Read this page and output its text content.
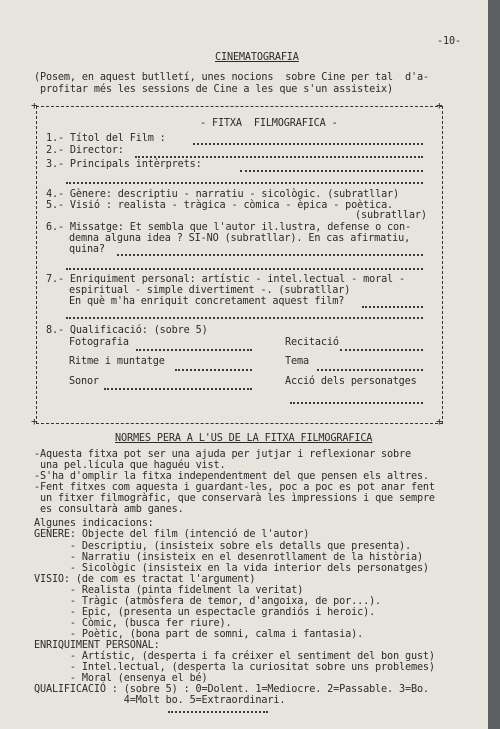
-10-
CINEMATOGRAFIA
(Posem, en aquest butlletí, unes nocions  sobre Cine per tal  d'a-
profitar més les sessions de Cine a les que s'un assisteix)
+	+
+	+
- FITXA  FILMOGRAFICA -
1.- Títol del Film :
2.- Director:
3.- Principals intèrprets:
4.- Gènere: descriptiu - narratiu - sicològic. (subratllar)
5.- Visió : realista - tràgica - còmica - èpica - poètica.
(subratllar)
6.- Missatge: Et sembla que l'autor il.lustra, defense o con-
demna alguna idea ? SI-NO (subratllar). En cas afirmatiu,
quina?
7.- Enriquiment personal: artístic - intel.lectual - moral -
espiritual - simple divertiment -. (subratllar)
En què m'ha enriquit concretament aquest film?
8.- Qualificació: (sobre 5)
Fotografia	Recitació
Ritme i muntatge	Tema
Sonor	Acció dels personatges
NORMES PERA A L'US DE LA FITXA FILMOGRAFICA
-Aquesta fitxa pot ser una ajuda per jutjar i reflexionar sobre
una pel.lícula que haguéu vist.
-S'ha d'omplir la fitxa independentment del que pensen els altres.
-Fent fitxes com aquesta i guardant-les, poc a poc es pot anar fent
un fitxer filmogràfic, que conservarà les ìmpressions i que sempre
es consultarà amb ganes.
Algunes indicacions:
GENERE: Objecte del film (intenció de l'autor)
- Descriptiu, (insisteix sobre els detalls que presenta).
- Narratiu (insisteix en el desenrotllament de la història)
- Sicològic (insisteix en la vida interior dels personatges)
VISIO: (de com es tractat l'argument)
- Realista (pinta fidelment la veritat)
- Tràgic (atmòsfera de temor, d'angoixa, de por...).
- Epic, (presenta un espectacle grandiós i heroic).
- Còmic, (busca fer riure).
- Poètic, (bona part de somni, calma i fantasia).
ENRIQUIMENT PERSONAL:
- Artístic, (desperta i fa créixer el sentiment del bon gust)
- Intel.lectual, (desperta la curiositat sobre uns problemes)
- Moral (ensenya el bé)
QUALIFICACIÓ : (sobre 5) : 0=Dolent. 1=Mediocre. 2=Passable. 3=Bo.
4=Molt bo. 5=Extraordinari.
